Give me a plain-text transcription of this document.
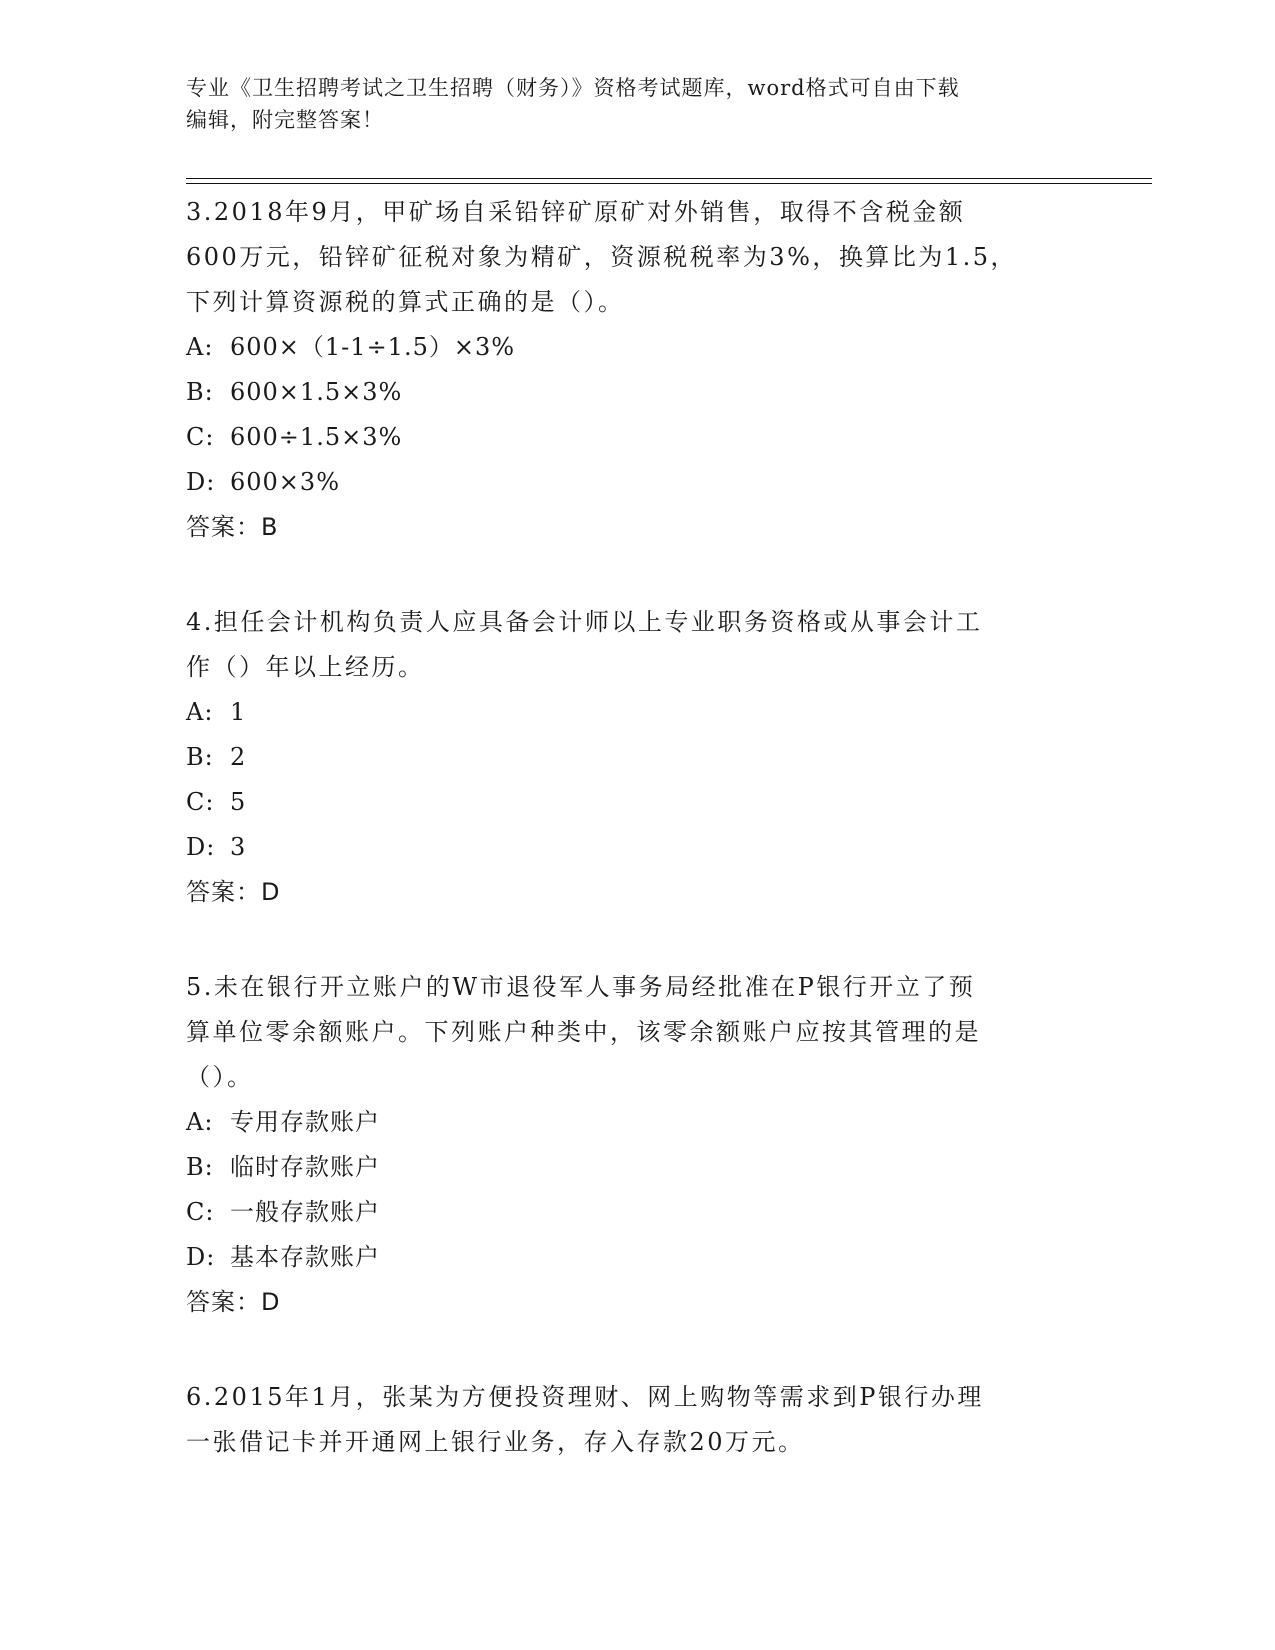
专业《卫生招聘考试之卫生招聘（财务）》资格考试题库，word格式可自由下载
编辑，附完整答案！

3.2018年9月，甲矿场自采铅锌矿原矿对外销售，取得不含税金额

600万元，铅锌矿征税对象为精矿，资源税税率为3%，换算比为1.5，

下列计算资源税的算式正确的是（）。

A: 600×（1-1÷1.5）×3%

B: 600×1.5×3%

C: 600÷1.5×3%

D: 600×3%

答案：B

4.担任会计机构负责人应具备会计师以上专业职务资格或从事会计工

作（）年以上经历。

A: 1

B: 2

C: 5

D: 3

答案：D

5.未在银行开立账户的W市退役军人事务局经批准在P银行开立了预

算单位零余额账户。下列账户种类中，该零余额账户应按其管理的是

（）。

A: 专用存款账户

B: 临时存款账户

C: 一般存款账户

D: 基本存款账户

答案：D

6.2015年1月，张某为方便投资理财、网上购物等需求到P银行办理

一张借记卡并开通网上银行业务，存入存款20万元。
